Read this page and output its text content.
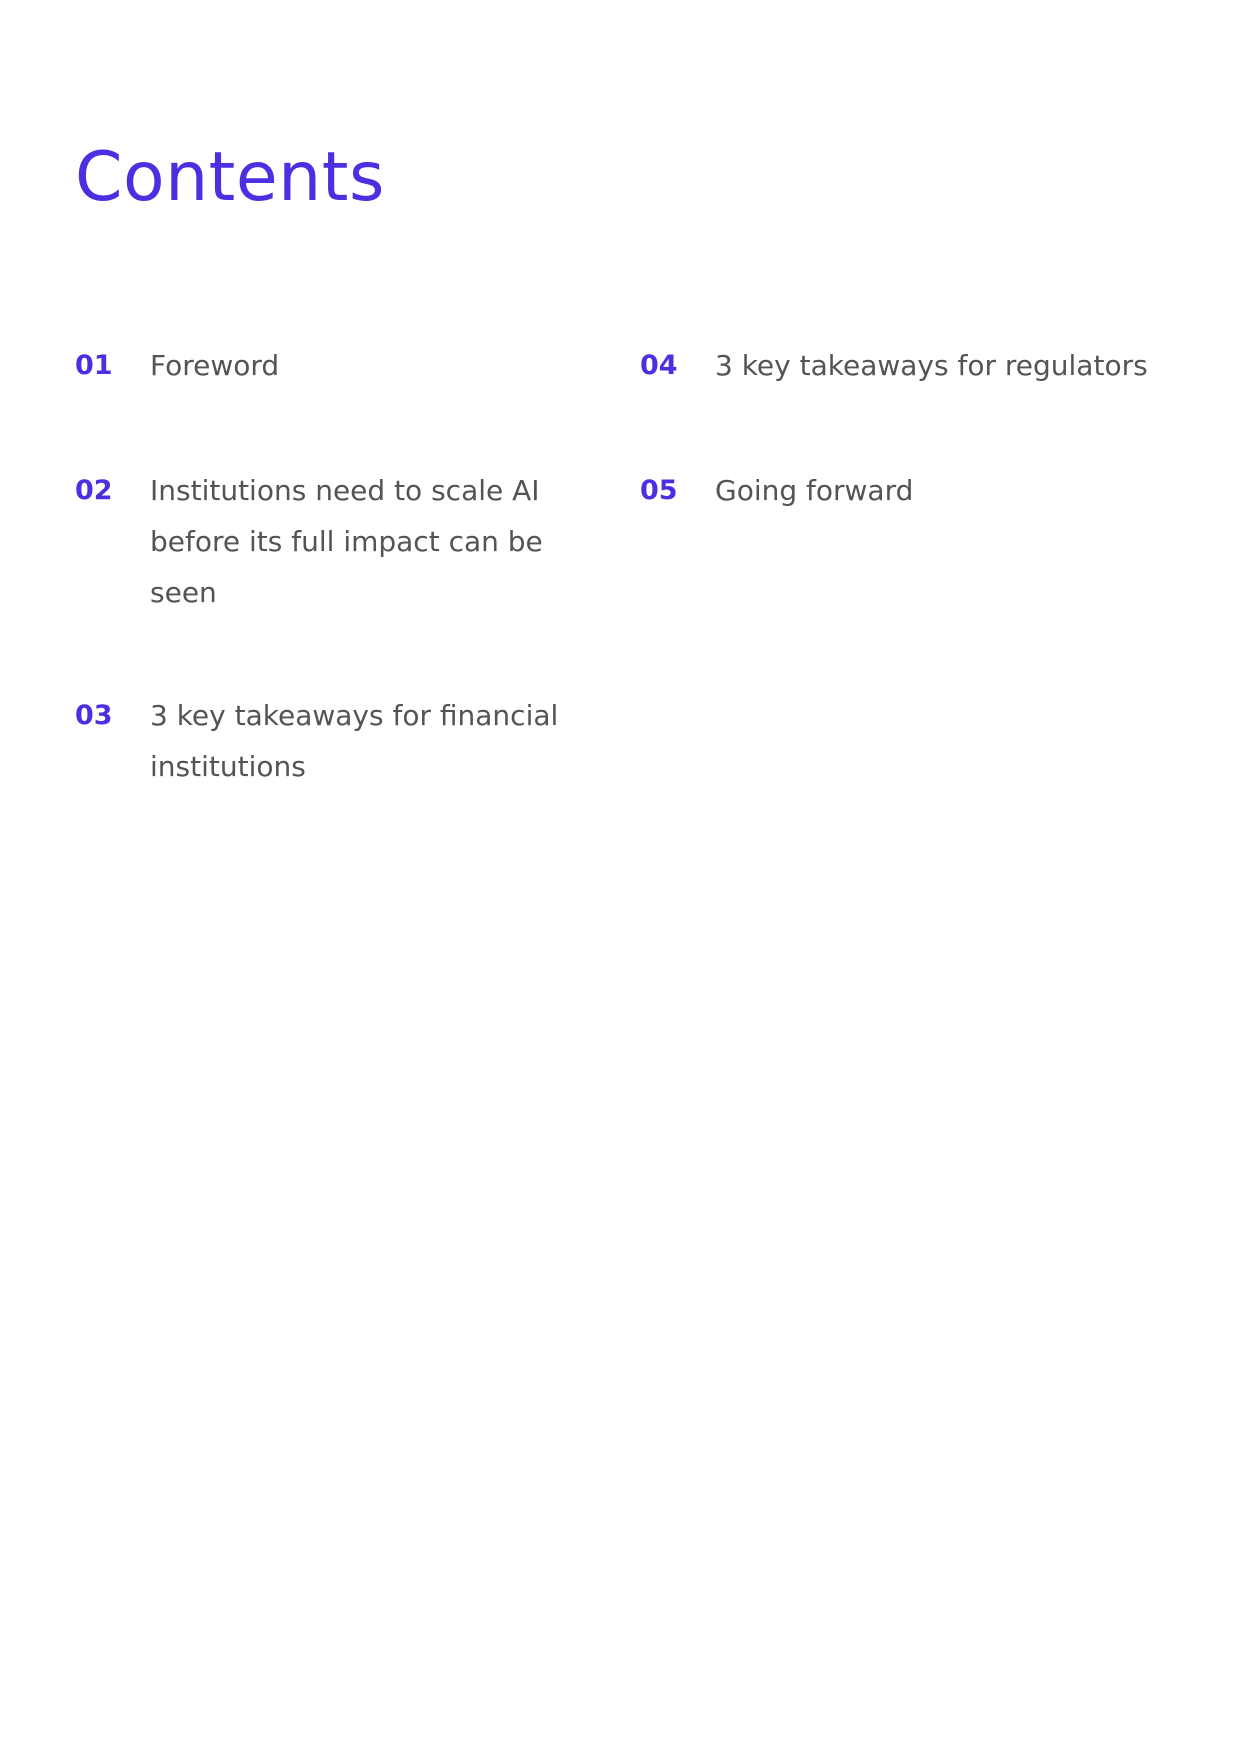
Contents
01	Foreword
02	Institutions need to scale AI before its full impact can be seen
03	3 key takeaways for financial institutions
04	3 key takeaways for regulators
05	Going forward
